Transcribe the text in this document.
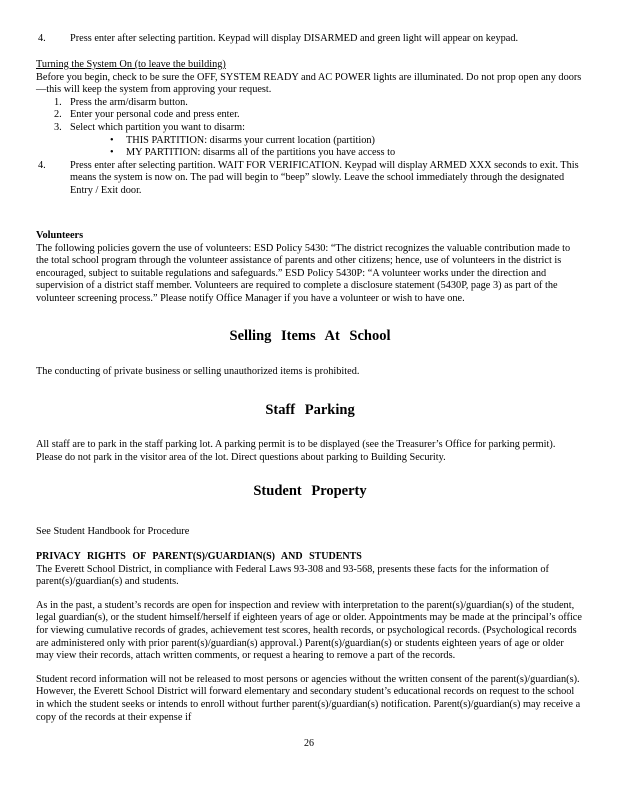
4. Press enter after selecting partition. Keypad will display DISARMED and green light will appear on keypad.
Turning the System On (to leave the building)
Before you begin, check to be sure the OFF, SYSTEM READY and AC POWER lights are illuminated. Do not prop open any doors —this will keep the system from approving your request.
1. Press the arm/disarm button.
2. Enter your personal code and press enter.
3. Select which partition you want to disarm:
• THIS PARTITION: disarms your current location (partition)
• MY PARTITION: disarms all of the partitions you have access to
4. Press enter after selecting partition. WAIT FOR VERIFICATION. Keypad will display ARMED XXX seconds to exit. This means the system is now on. The pad will begin to “beep” slowly. Leave the school immediately through the designated Entry / Exit door.
Volunteers
The following policies govern the use of volunteers: ESD Policy 5430: “The district recognizes the valuable contribution made to the total school program through the volunteer assistance of parents and other citizens; hence, use of volunteers in the district is encouraged, subject to suitable regulations and safeguards.” ESD Policy 5430P: “A volunteer works under the direction and supervision of a district staff member. Volunteers are required to complete a disclosure statement (5430P, page 3) as part of the volunteer screening process.” Please notify Office Manager if you have a volunteer or wish to have one.
Selling Items At School
The conducting of private business or selling unauthorized items is prohibited.
Staff Parking
All staff are to park in the staff parking lot. A parking permit is to be displayed (see the Treasurer’s Office for parking permit). Please do not park in the visitor area of the lot. Direct questions about parking to Building Security.
Student Property
See Student Handbook for Procedure
PRIVACY RIGHTS OF PARENT(S)/GUARDIAN(S) AND STUDENTS
The Everett School District, in compliance with Federal Laws 93-308 and 93-568, presents these facts for the information of parent(s)/guardian(s) and students.
As in the past, a student’s records are open for inspection and review with interpretation to the parent(s)/guardian(s) of the student, legal guardian(s), or the student himself/herself if eighteen years of age or older. Appointments may be made at the principal’s office for viewing cumulative records of grades, achievement test scores, health records, or psychological records. (Psychological records are administered only with prior parent(s)/guardian(s) approval.) Parent(s)/guardian(s) or students eighteen years of age or older may view their records, attach written comments, or request a hearing to remove a part of the records.
Student record information will not be released to most persons or agencies without the written consent of the parent(s)/guardian(s). However, the Everett School District will forward elementary and secondary student’s educational records on request to the school in which the student seeks or intends to enroll without further parent(s)/guardian(s) notification. Parent(s)/guardian(s) may receive a copy of the records at their expense if
26
